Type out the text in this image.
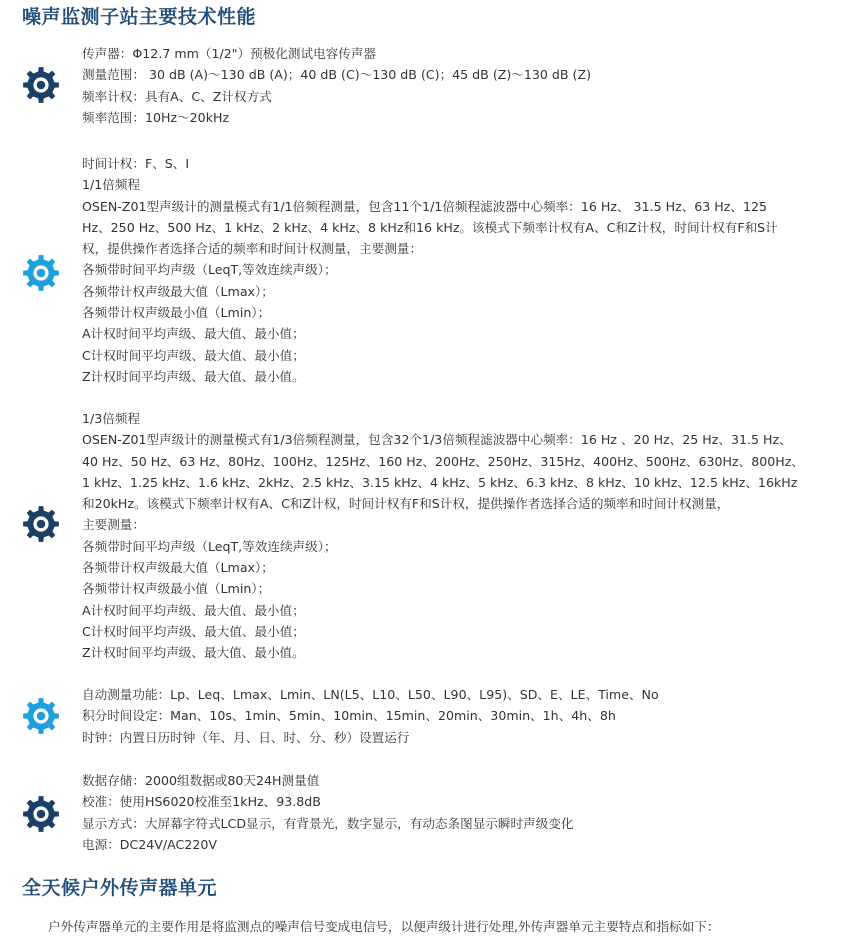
噪声监测子站主要技术性能
传声器：Φ12.7 mm（1/2"）预极化测试电容传声器
测量范围： 30 dB (A)～130 dB (A)；40 dB (C)～130 dB (C)；45 dB (Z)～130 dB (Z)
频率计权：具有A、C、Z计权方式
频率范围：10Hz～20kHz
时间计权：F、S、I
1/1倍频程
OSEN-Z01型声级计的测量模式有1/1倍频程测量，包含11个1/1倍频程滤波器中心频率：16 Hz、 31.5 Hz、63 Hz、125
Hz、250 Hz、500 Hz、1 kHz、2 kHz、4 kHz、8 kHz和16 kHz。该模式下频率计权有A、C和Z计权，时间计权有F和S计
权，提供操作者选择合适的频率和时间计权测量，主要测量：
各频带时间平均声级（LeqT,等效连续声级）；
各频带计权声级最大值（Lmax）；
各频带计权声级最小值（Lmin）；
A计权时间平均声级、最大值、最小值；
C计权时间平均声级、最大值、最小值；
Z计权时间平均声级、最大值、最小值。
1/3倍频程
OSEN-Z01型声级计的测量模式有1/3倍频程测量，包含32个1/3倍频程滤波器中心频率：16 Hz 、20 Hz、25 Hz、31.5 Hz、
40 Hz、50 Hz、63 Hz、80Hz、100Hz、125Hz、160 Hz、200Hz、250Hz、315Hz、400Hz、500Hz、630Hz、800Hz、
1 kHz、1.25 kHz、1.6 kHz、2kHz、2.5 kHz、3.15 kHz、4 kHz、5 kHz、6.3 kHz、8 kHz、10 kHz、12.5 kHz、16kHz
和20kHz。该模式下频率计权有A、C和Z计权，时间计权有F和S计权，提供操作者选择合适的频率和时间计权测量，
主要测量：
各频带时间平均声级（LeqT,等效连续声级）；
各频带计权声级最大值（Lmax）；
各频带计权声级最小值（Lmin）；
A计权时间平均声级、最大值、最小值；
C计权时间平均声级、最大值、最小值；
Z计权时间平均声级、最大值、最小值。
自动测量功能：Lp、Leq、Lmax、Lmin、LN(L5、L10、L50、L90、L95)、SD、E、LE、Time、No
积分时间设定：Man、10s、1min、5min、10min、15min、20min、30min、1h、4h、8h
时钟：内置日历时钟（年、月、日、时、分、秒）设置运行
数据存储：2000组数据或80天24H测量值
校准：使用HS6020校准至1kHz、93.8dB
显示方式：大屏幕字符式LCD显示，有背景光，数字显示，有动态条图显示瞬时声级变化
电源：DC24V/AC220V
全天候户外传声器单元
户外传声器单元的主要作用是将监测点的噪声信号变成电信号，以便声级计进行处理,外传声器单元主要特点和指标如下：
